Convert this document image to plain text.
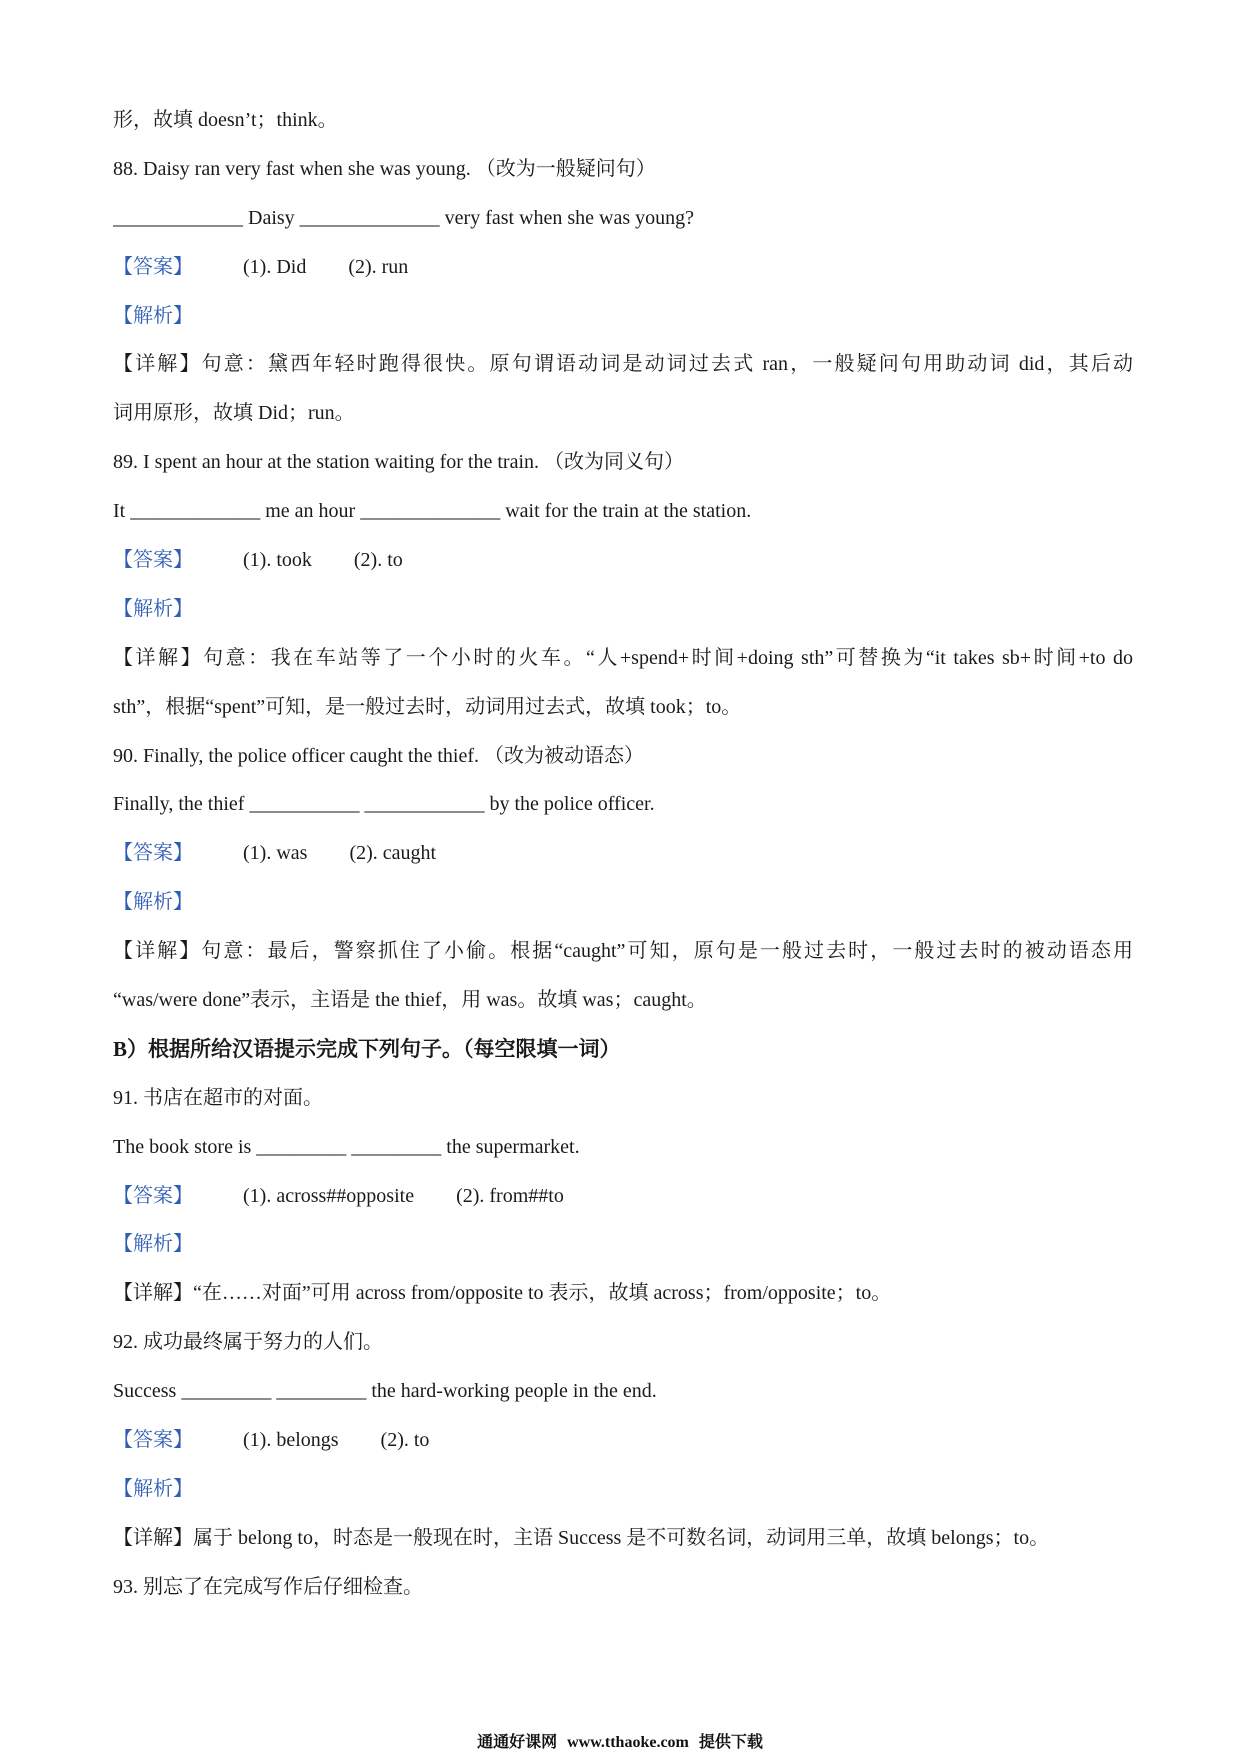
形，故填 doesn’t；think。
88. Daisy ran very fast when she was young. （改为一般疑问句）
_____________ Daisy ______________ very fast when she was young?
【答案】	(1). Did (2). run
【解析】
【详解】句意：黛西年轻时跑得很快。原句谓语动词是动词过去式 ran，一般疑问句用助动词 did，其后动
词用原形，故填 Did；run。
89. I spent an hour at the station waiting for the train. （改为同义句）
It _____________ me an hour ______________ wait for the train at the station.
【答案】	(1). took (2). to
【解析】
【详解】句意：我在车站等了一个小时的火车。“人+spend+时间+doing sth”可替换为“it takes sb+时间+to do
sth”，根据“spent”可知，是一般过去时，动词用过去式，故填 took；to。
90. Finally, the police officer caught the thief. （改为被动语态）
Finally, the thief ___________ ____________ by the police officer.
【答案】	(1). was (2). caught
【解析】
【详解】句意：最后，警察抓住了小偷。根据“caught”可知，原句是一般过去时，一般过去时的被动语态用
“was/were done”表示，主语是 the thief，用 was。故填 was；caught。
B）根据所给汉语提示完成下列句子。（每空限填一词）
91. 书店在超市的对面。
The book store is _________ _________ the supermarket.
【答案】	(1). across##opposite (2). from##to
【解析】
【详解】“在……对面”可用 across from/opposite to 表示，故填 across；from/opposite；to。
92. 成功最终属于努力的人们。
Success _________ _________ the hard-working people in the end.
【答案】	(1). belongs (2). to
【解析】
【详解】属于 belong to，时态是一般现在时，主语 Success 是不可数名词，动词用三单，故填 belongs；to。
93. 别忘了在完成写作后仔细检查。
通通好课网 www.tthaoke.com 提供下载
